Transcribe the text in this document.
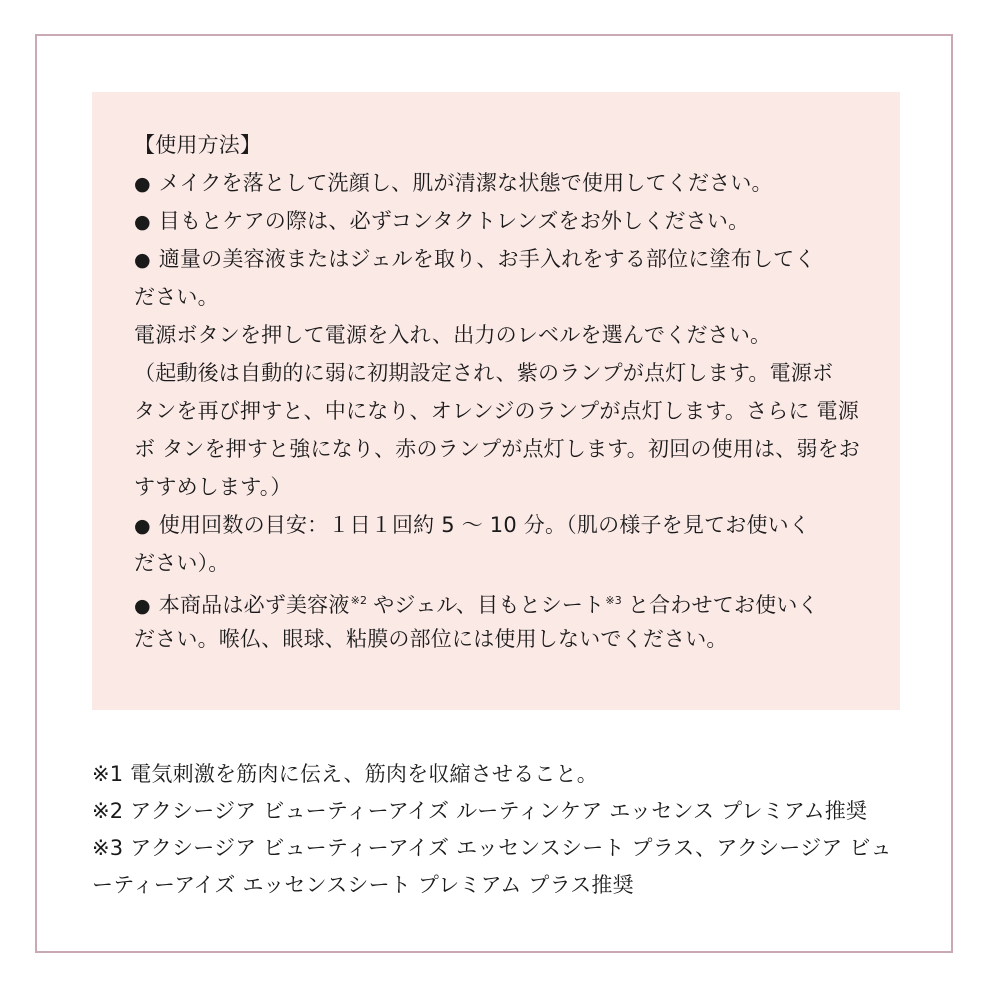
【使用方法】
● メイクを落として洗顔し、肌が清潔な状態で使用してください。
● 目もとケアの際は、必ずコンタクトレンズをお外しください。
● 適量の美容液またはジェルを取り、お手入れをする部位に塗布してく
ださい。
電源ボタンを押して電源を入れ、出力のレベルを選んでください。
（起動後は自動的に弱に初期設定され、紫のランプが点灯します。電源ボ
タンを再び押すと、中になり、オレンジのランプが点灯します。さらに 電源
ボ タンを押すと強になり、赤のランプが点灯します。初回の使用は、弱をお
すすめします。）
● 使用回数の目安：１日１回約 5 ～ 10 分。（肌の様子を見てお使いく
ださい）。
● 本商品は必ず美容液$^{※2}$ やジェル、目もとシート$^{※3}$ と合わせてお使いく
ださい。喉仏、眼球、粘膜の部位には使用しないでください。
※1 電気刺激を筋肉に伝え、筋肉を収縮させること。
※2 アクシージア ビューティーアイズ ルーティンケア エッセンス プレミアム推奨
※3 アクシージア ビューティーアイズ エッセンスシート プラス、アクシージア ビュ
ーティーアイズ エッセンスシート プレミアム プラス推奨
